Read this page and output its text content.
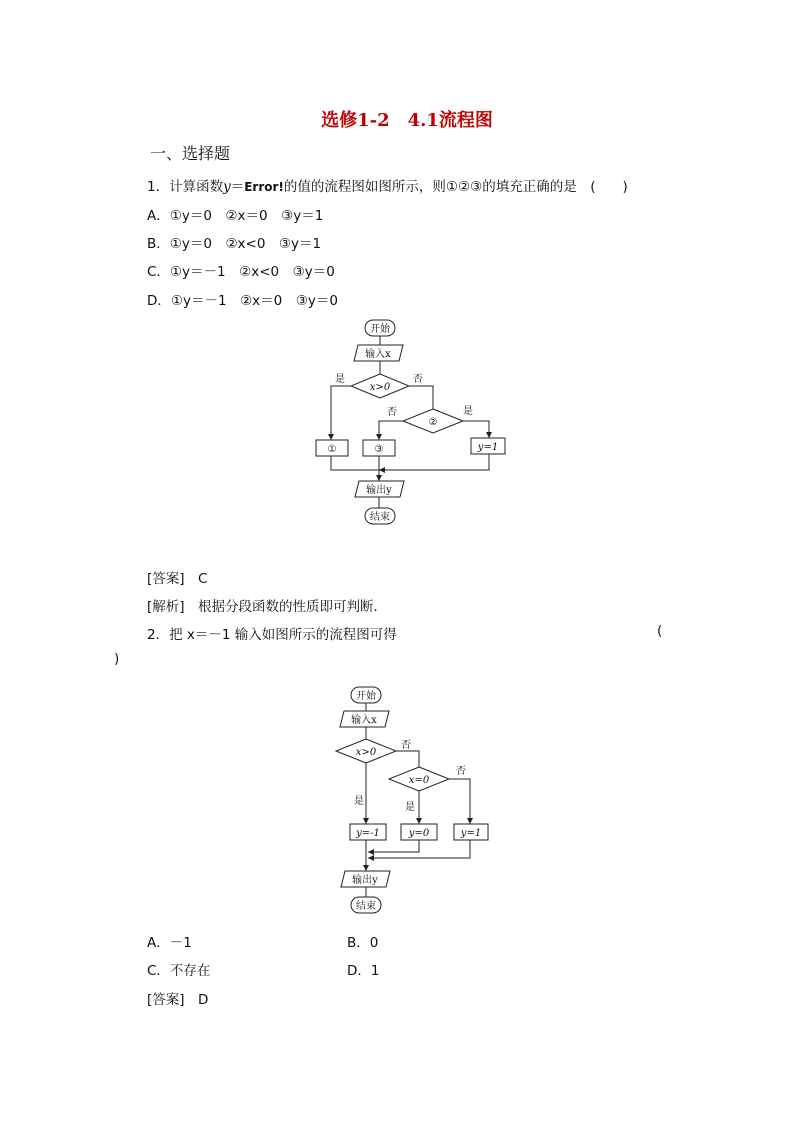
选修1-2　4.1流程图
一、选择题
1．计算函数y＝Error!的值的流程图如图所示，则①②③的填充正确的是　(　　)
A．①y＝0　②x＝0　③y＝1
B．①y＝0　②x<0　③y＝1
C．①y＝－1　②x<0　③y＝0
D．①y＝－1　②x＝0　③y＝0
开始
输入x
x>0
是	否
②
否	是
①	③	y=1
输出y
结束
[答案]　C
[解析]　根据分段函数的性质即可判断．
2．把 x＝－1 输入如图所示的流程图可得	(
)
开始
输入x
x>0
否
x=0
否
是
是
y=-1	y=0	y=1
输出y
结束
A．－1	B．0
C．不存在	D．1
[答案]　D
